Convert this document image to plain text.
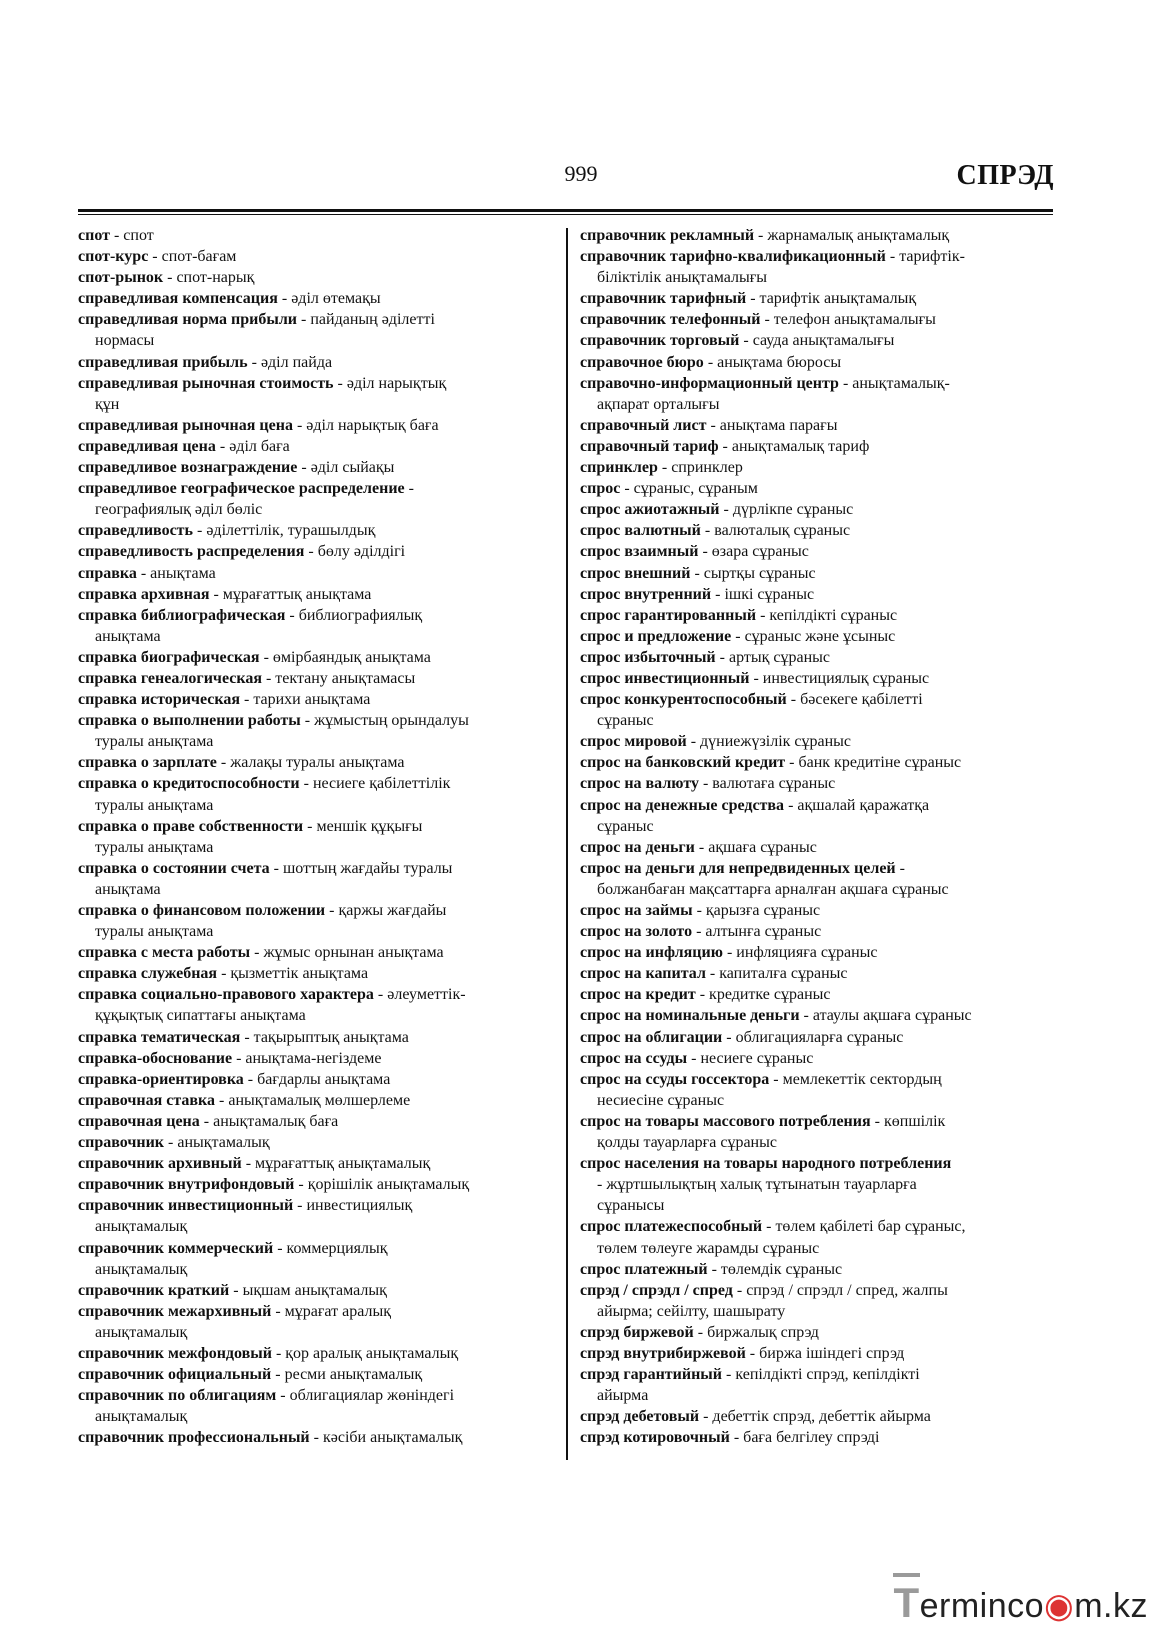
999	СПРЭД
спот - спот
спот-курс - спот-бағам
спот-рынок - спот-нарық
справедливая компенсация - әділ өтемақы
справедливая норма прибыли - пайданың әділетті
нормасы
справедливая прибыль - әділ пайда
справедливая рыночная стоимость - әділ нарықтық
құн
справедливая рыночная цена - әділ нарықтық баға
справедливая цена - әділ баға
справедливое вознаграждение - әділ сыйақы
справедливое географическое распределение -
географиялық әділ бөліс
справедливость - әділеттілік, турашылдық
справедливость распределения - бөлу әділдігі
справка - анықтама
справка архивная - мұрағаттық анықтама
справка библиографическая - библиографиялық
анықтама
справка биографическая - өмірбаяндық анықтама
справка генеалогическая - тектану анықтамасы
справка историческая - тарихи анықтама
справка о выполнении работы - жұмыстың орындалуы
туралы анықтама
справка о зарплате - жалақы туралы анықтама
справка о кредитоспособности - несиеге қабілеттілік
туралы анықтама
справка о праве собственности - меншік құқығы
туралы анықтама
справка о состоянии счета - шоттың жағдайы туралы
анықтама
справка о финансовом положении - қаржы жағдайы
туралы анықтама
справка с места работы - жұмыс орнынан анықтама
справка служебная - қызметтік анықтама
справка социально-правового характера - әлеуметтік-
құқықтық сипаттағы анықтама
справка тематическая - тақырыптық анықтама
справка-обоснование - анықтама-негіздеме
справка-ориентировка - бағдарлы анықтама
справочная ставка - анықтамалық мөлшерлеме
справочная цена - анықтамалық баға
справочник - анықтамалық
справочник архивный - мұрағаттық анықтамалық
справочник внутрифондовый - қорішілік анықтамалық
справочник инвестиционный - инвестициялық
анықтамалық
справочник коммерческий - коммерциялық
анықтамалық
справочник краткий - ықшам анықтамалық
справочник межархивный - мұрағат аралық
анықтамалық
справочник межфондовый - қор аралық анықтамалық
справочник официальный - ресми анықтамалық
справочник по облигациям - облигациялар жөніндегі
анықтамалық
справочник профессиональный - кәсіби анықтамалық
справочник рекламный - жарнамалық анықтамалық
справочник тарифно-квалификационный - тарифтік-
біліктілік анықтамалығы
справочник тарифный - тарифтік анықтамалық
справочник телефонный - телефон анықтамалығы
справочник торговый - сауда анықтамалығы
справочное бюро - анықтама бюросы
справочно-информационный центр - анықтамалық-
ақпарат орталығы
справочный лист - анықтама парағы
справочный тариф - анықтамалық тариф
спринклер - спринклер
спрос - сұраныс, сұраным
спрос ажиотажный - дүрлікпе сұраныс
спрос валютный - валюталық сұраныс
спрос взаимный - өзара сұраныс
спрос внешний - сыртқы сұраныс
спрос внутренний - ішкі сұраныс
спрос гарантированный - кепілдікті сұраныс
спрос и предложение - сұраныс және ұсыныс
спрос избыточный - артық сұраныс
спрос инвестиционный - инвестициялық сұраныс
спрос конкурентоспособный - бәсекеге қабілетті
сұраныс
спрос мировой - дүниежүзілік сұраныс
спрос на банковский кредит - банк кредитіне сұраныс
спрос на валюту - валютаға сұраныс
спрос на денежные средства - ақшалай қаражатқа
сұраныс
спрос на деньги - ақшаға сұраныс
спрос на деньги для непредвиденных целей -
болжанбаған мақсаттарға арналған ақшаға сұраныс
спрос на займы - қарызға сұраныс
спрос на золото - алтынға сұраныс
спрос на инфляцию - инфляцияға сұраныс
спрос на капитал - капиталға сұраныс
спрос на кредит - кредитке сұраныс
спрос на номинальные деньги - атаулы ақшаға сұраныс
спрос на облигации - облигацияларға сұраныс
спрос на ссуды - несиеге сұраныс
спрос на ссуды госсектора - мемлекеттік сектордың
несиесіне сұраныс
спрос на товары массового потребления - көпшілік
қолды тауарларға сұраныс
спрос населения на товары народного потребления
- жұртшылықтың халық тұтынатын тауарларға
сұранысы
спрос платежеспособный - төлем қабілеті бар сұраныс,
төлем төлеуге жарамды сұраныс
спрос платежный - төлемдік сұраныс
спрэд / спрэдл / спред - спрэд / спрэдл / спред, жалпы
айырма; сейілту, шашырату
спрэд биржевой - биржалық спрэд
спрэд внутрибиржевой - биржа ішіндегі спрэд
спрэд гарантийный - кепілдікті спрэд, кепілдікті
айырма
спрэд дебетовый - дебеттік спрэд, дебеттік айырма
спрэд котировочный - баға белгілеу спрэді
Termincо◉m.kz
